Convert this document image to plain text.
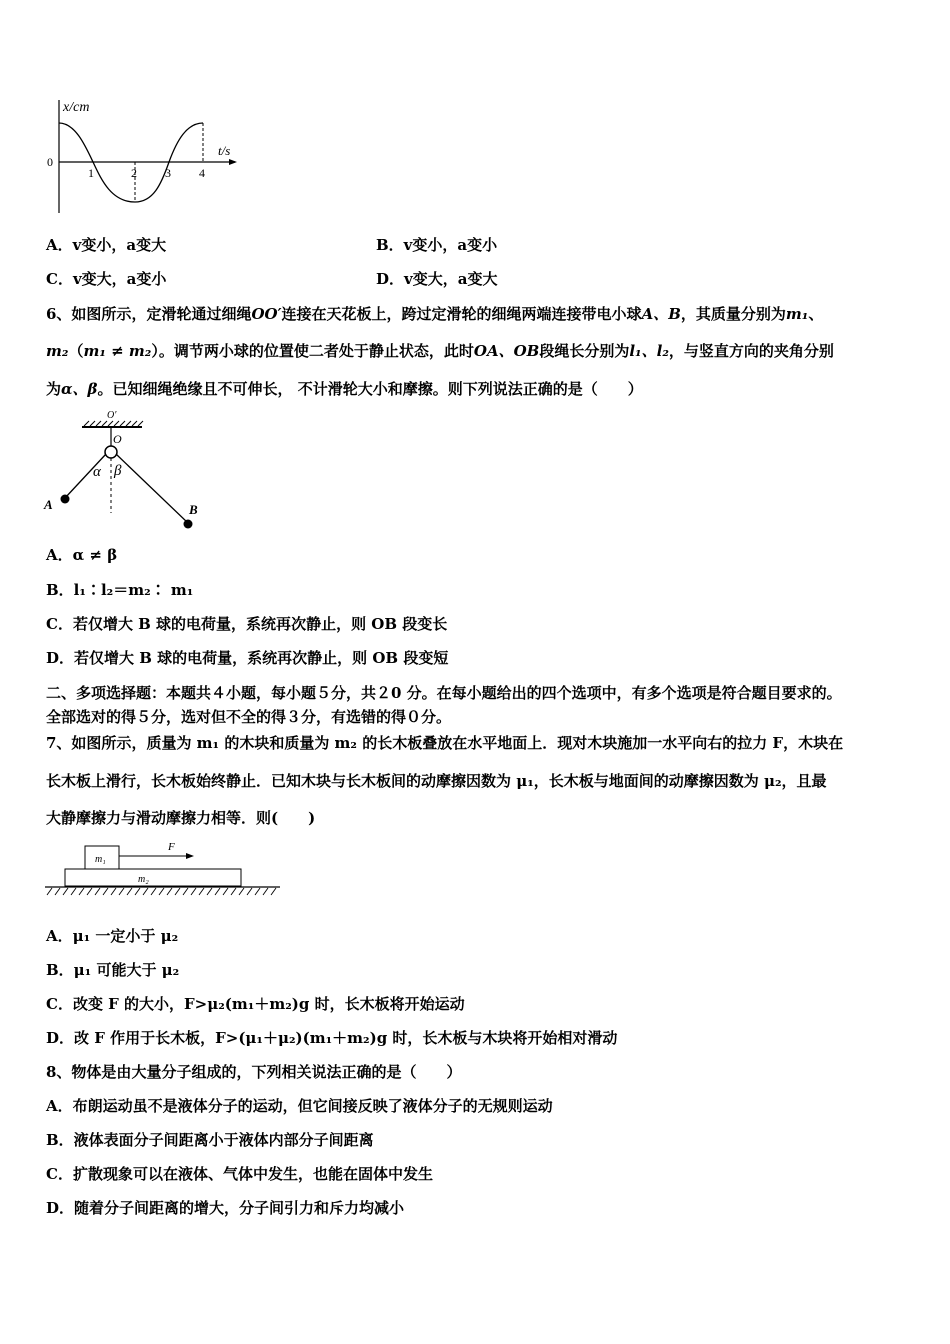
x/cm
t/s
0
1	2 3 4
A．v变小，a变大	B．v变小，a变小
C．v变大，a变小	D．v变大，a变大
6、如图所示，定滑轮通过细绳OO′连接在天花板上，跨过定滑轮的细绳两端连接带电小球A、B，其质量分别为m₁、
m₂（m₁ ≠ m₂）。调节两小球的位置使二者处于静止状态，此时OA、OB段绳长分别为l₁、l₂，与竖直方向的夹角分别
为α、β。已知细绳绝缘且不可伸长， 不计滑轮大小和摩擦。则下列说法正确的是（　　）
O′
O
α β
A	B
A．α ≠ β
B．l₁∶l₂＝m₂∶ m₁
C．若仅增大 B 球的电荷量，系统再次静止，则 OB 段变长
D．若仅增大 B 球的电荷量，系统再次静止，则 OB 段变短
二、多项选择题：本题共４小题，每小题５分，共２0 分。在每小题给出的四个选项中，有多个选项是符合题目要求的。
全部选对的得５分，选对但不全的得３分，有选错的得０分。
7、如图所示，质量为 m₁ 的木块和质量为 m₂ 的长木板叠放在水平地面上．现对木块施加一水平向右的拉力 F，木块在
长木板上滑行，长木板始终静止．已知木块与长木板间的动摩擦因数为 μ₁，长木板与地面间的动摩擦因数为 μ₂，且最
大静摩擦力与滑动摩擦力相等．则(　　)
m₁
m₂
F
A．μ₁ 一定小于 μ₂
B．μ₁ 可能大于 μ₂
C．改变 F 的大小，F>μ₂(m₁＋m₂)g 时，长木板将开始运动
D．改 F 作用于长木板，F>(μ₁＋μ₂)(m₁＋m₂)g 时，长木板与木块将开始相对滑动
8、物体是由大量分子组成的，下列相关说法正确的是（　　）
A．布朗运动虽不是液体分子的运动，但它间接反映了液体分子的无规则运动
B．液体表面分子间距离小于液体内部分子间距离
C．扩散现象可以在液体、气体中发生，也能在固体中发生
D．随着分子间距离的增大，分子间引力和斥力均减小
